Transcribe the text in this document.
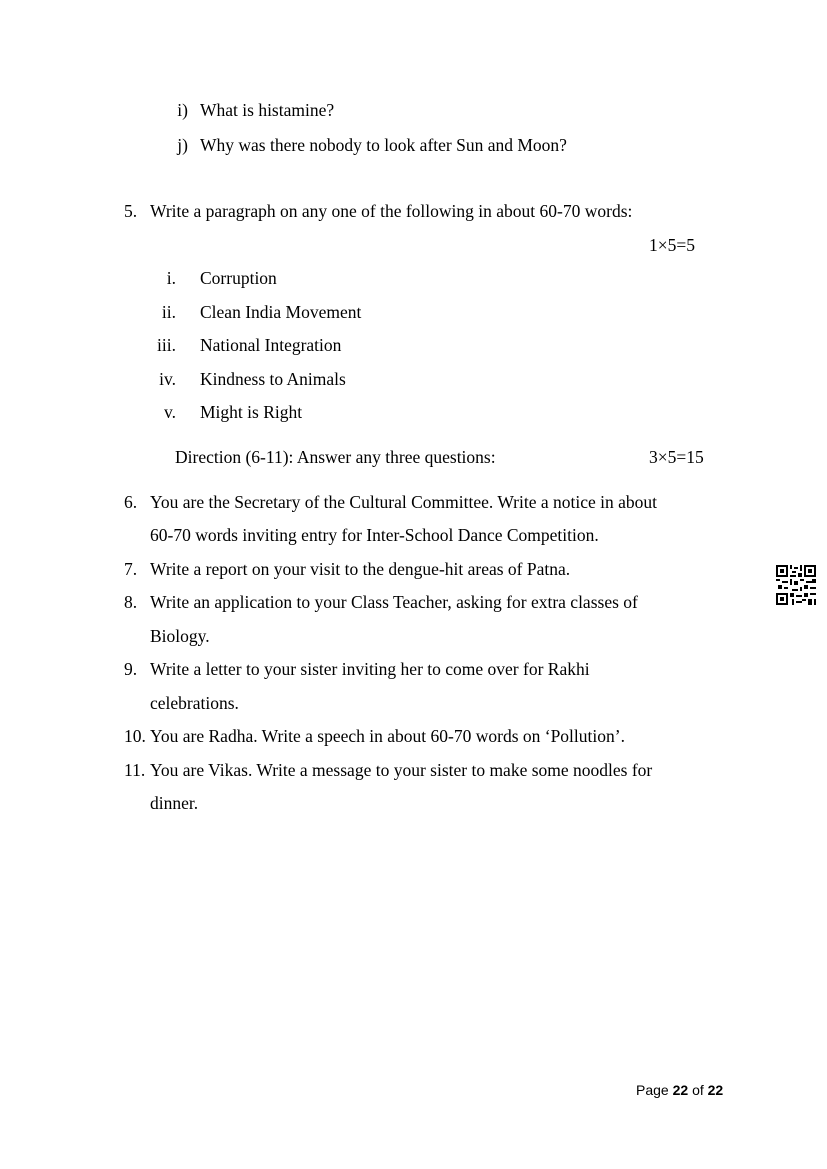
i) What is histamine?
j) Why was there nobody to look after Sun and Moon?
5. Write a paragraph on any one of the following in about 60-70 words:
1×5=5
i. Corruption
ii. Clean India Movement
iii. National Integration
iv. Kindness to Animals
v. Might is Right
Direction (6-11): Answer any three questions:	3×5=15
6. You are the Secretary of the Cultural Committee. Write a notice in about
60-70 words inviting entry for Inter-School Dance Competition.
7. Write a report on your visit to the dengue-hit areas of Patna.
8. Write an application to your Class Teacher, asking for extra classes of
Biology.
9. Write a letter to your sister inviting her to come over for Rakhi
celebrations.
10. You are Radha. Write a speech in about 60-70 words on ‘Pollution’.
11. You are Vikas. Write a message to your sister to make some noodles for
dinner.
Page 22 of 22
